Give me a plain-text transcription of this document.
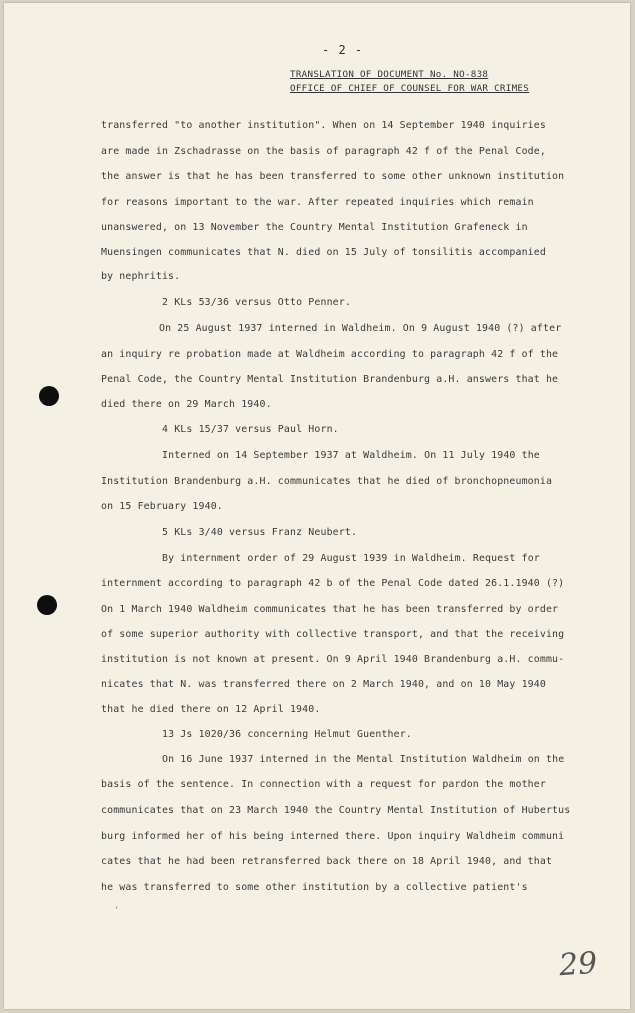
- 2 -
TRANSLATION OF DOCUMENT No. NO-838
OFFICE OF CHIEF OF COUNSEL FOR WAR CRIMES
transferred "to another institution". When on 14 September 1940 inquiries
are made in Zschadrasse on the basis of paragraph 42 f of the Penal Code,
the answer is that he has been transferred to some other unknown institution
for reasons important to the war. After repeated inquiries which remain
unanswered, on 13 November the Country Mental Institution Grafeneck in
Muensingen communicates that N. died on 15 July of tonsilitis accompanied
by nephritis.
2 KLs 53/36 versus Otto Penner.
On 25 August 1937 interned in Waldheim. On 9 August 1940 (?) after
an inquiry re probation made at Waldheim according to paragraph 42 f of the
Penal Code, the Country Mental Institution Brandenburg a.H. answers that he
died there on 29 March 1940.
4 KLs 15/37 versus Paul Horn.
Interned on 14 September 1937 at Waldheim. On 11 July 1940 the
Institution Brandenburg a.H. communicates that he died of bronchopneumonia
on 15 February 1940.
5 KLs 3/40 versus Franz Neubert.
By internment order of 29 August 1939 in Waldheim. Request for
internment according to paragraph 42 b of the Penal Code dated 26.1.1940 (?)
On 1 March 1940 Waldheim communicates that he has been transferred by order
of some superior authority with collective transport, and that the receiving
institution is not known at present. On 9 April 1940 Brandenburg a.H. commu-
nicates that N. was transferred there on 2 March 1940, and on 10 May 1940
that he died there on 12 April 1940.
13 Js 1020/36 concerning Helmut Guenther.
On 16 June 1937 interned in the Mental Institution Waldheim on the
basis of the sentence. In connection with a request for pardon the mother
communicates that on 23 March 1940 the Country Mental Institution of Hubertus
burg informed her of his being interned there. Upon inquiry Waldheim communi
cates that he had been retransferred back there on 18 April 1940, and that
he was transferred to some other institution by a collective patient's
‚
29
